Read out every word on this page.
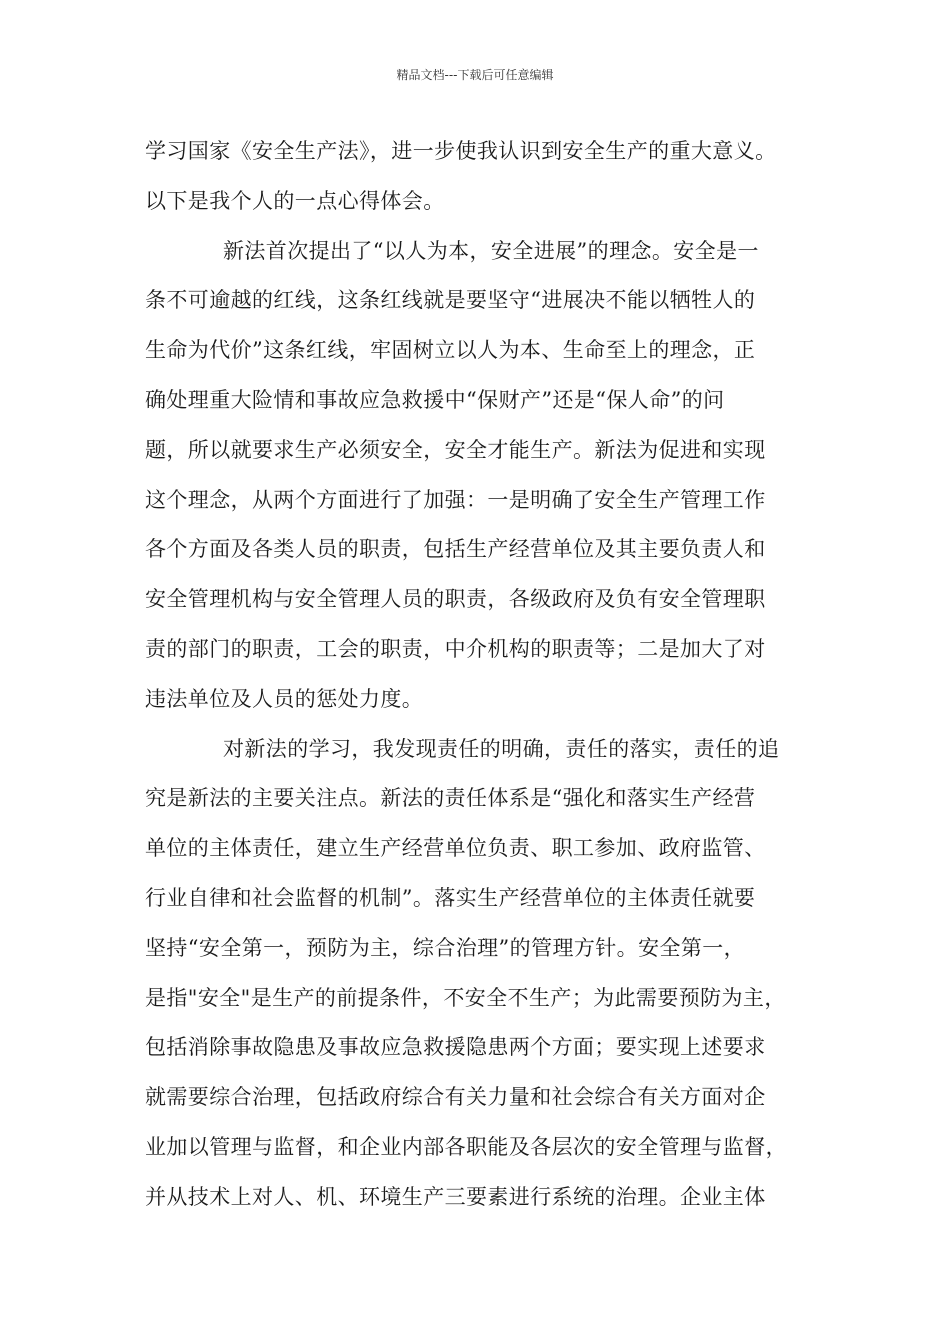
精品文档---下载后可任意编辑
学习国家《安全生产法》，进一步使我认识到安全生产的重大意义。
以下是我个人的一点心得体会。
新法首次提出了“以人为本，安全进展”的理念。安全是一
条不可逾越的红线，这条红线就是要坚守“进展决不能以牺牲人的
生命为代价”这条红线，牢固树立以人为本、生命至上的理念，正
确处理重大险情和事故应急救援中“保财产”还是“保人命”的问
题，所以就要求生产必须安全，安全才能生产。新法为促进和实现
这个理念，从两个方面进行了加强：一是明确了安全生产管理工作
各个方面及各类人员的职责，包括生产经营单位及其主要负责人和
安全管理机构与安全管理人员的职责，各级政府及负有安全管理职
责的部门的职责，工会的职责，中介机构的职责等；二是加大了对
违法单位及人员的惩处力度。
对新法的学习，我发现责任的明确，责任的落实，责任的追
究是新法的主要关注点。新法的责任体系是“强化和落实生产经营
单位的主体责任，建立生产经营单位负责、职工参加、政府监管、
行业自律和社会监督的机制”。落实生产经营单位的主体责任就要
坚持“安全第一，预防为主，综合治理”的管理方针。安全第一，
是指"安全"是生产的前提条件，不安全不生产；为此需要预防为主，
包括消除事故隐患及事故应急救援隐患两个方面；要实现上述要求
就需要综合治理，包括政府综合有关力量和社会综合有关方面对企
业加以管理与监督，和企业内部各职能及各层次的安全管理与监督，
并从技术上对人、机、环境生产三要素进行系统的治理。企业主体
